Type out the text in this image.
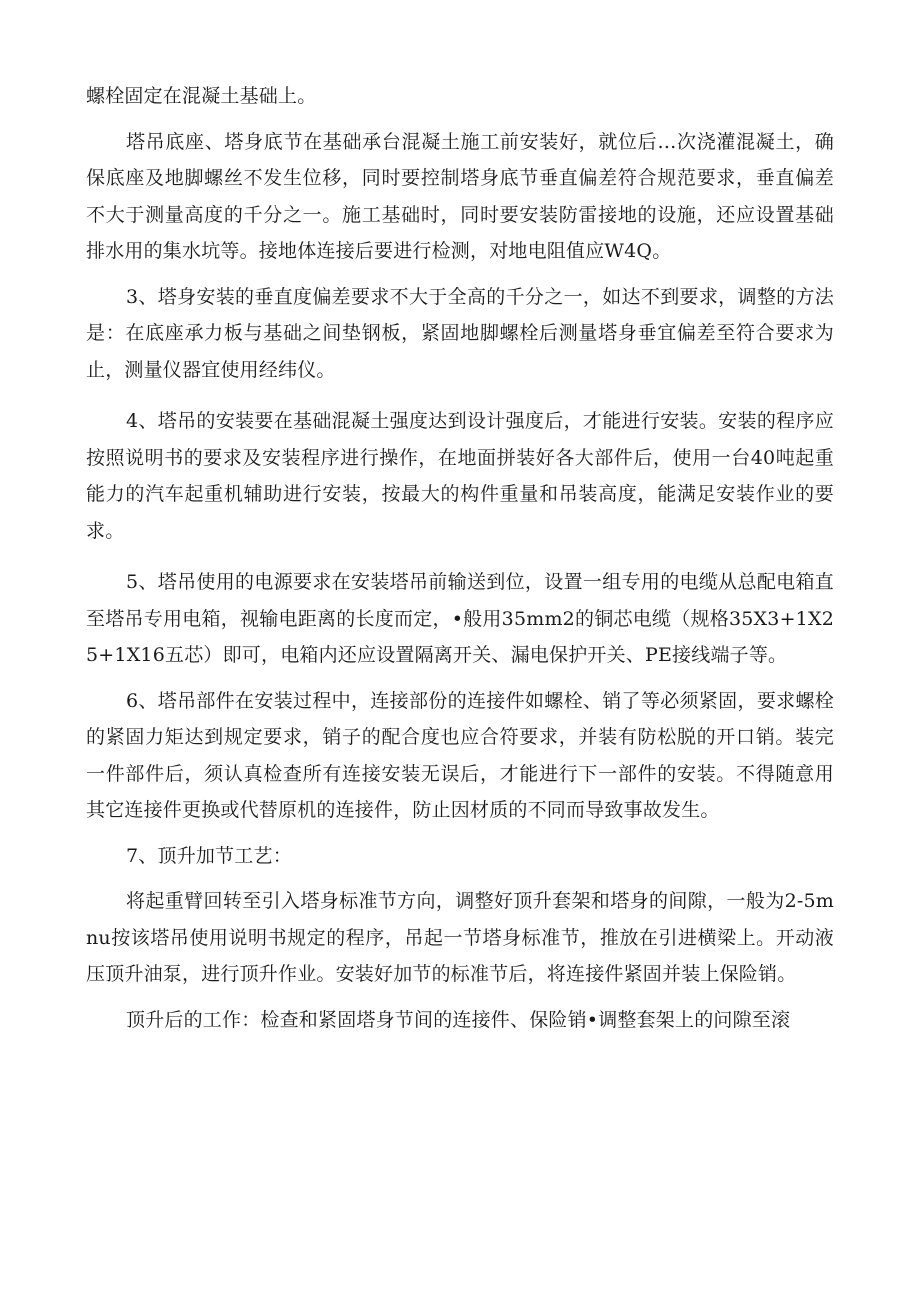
螺栓固定在混凝土基础上。

塔吊底座、塔身底节在基础承台混凝土施工前安装好，就位后…次浇灌混凝土，确保底座及地脚螺丝不发生位移，同时要控制塔身底节垂直偏差符合规范要求，垂直偏差不大于测量高度的千分之一。施工基础时，同时要安装防雷接地的设施，还应设置基础排水用的集水坑等。接地体连接后要进行检测，对地电阻值应W4Q。

3、塔身安装的垂直度偏差要求不大于全高的千分之一，如达不到要求，调整的方法是：在底座承力板与基础之间垫钢板，紧固地脚螺栓后测量塔身垂宜偏差至符合要求为止，测量仪器宜使用经纬仪。

4、塔吊的安装要在基础混凝土强度达到设计强度后，才能进行安装。安装的程序应按照说明书的要求及安装程序进行操作，在地面拼装好各大部件后，使用一台40吨起重能力的汽车起重机辅助进行安装，按最大的构件重量和吊装高度，能满足安装作业的要求。

5、塔吊使用的电源要求在安装塔吊前输送到位，设置一组专用的电缆从总配电箱直至塔吊专用电箱，视输电距离的长度而定，•般用35mm2的铜芯电缆（规格35X3+1X25+1X16五芯）即可，电箱内还应设置隔离开关、漏电保护开关、PE接线端子等。

6、塔吊部件在安装过程中，连接部份的连接件如螺栓、销了等必须紧固，要求螺栓的紧固力矩达到规定要求，销子的配合度也应合符要求，并装有防松脱的开口销。装完一件部件后，须认真检查所有连接安装无误后，才能进行下一部件的安装。不得随意用其它连接件更换或代替原机的连接件，防止因材质的不同而导致事故发生。

7、顶升加节工艺：

将起重臂回转至引入塔身标准节方向，调整好顶升套架和塔身的间隙，一般为2-5mnu按该塔吊使用说明书规定的程序，吊起一节塔身标准节，推放在引进横梁上。开动液压顶升油泵，进行顶升作业。安装好加节的标准节后，将连接件紧固并装上保险销。

顶升后的工作：检查和紧固塔身节间的连接件、保险销•调整套架上的问隙至滚
